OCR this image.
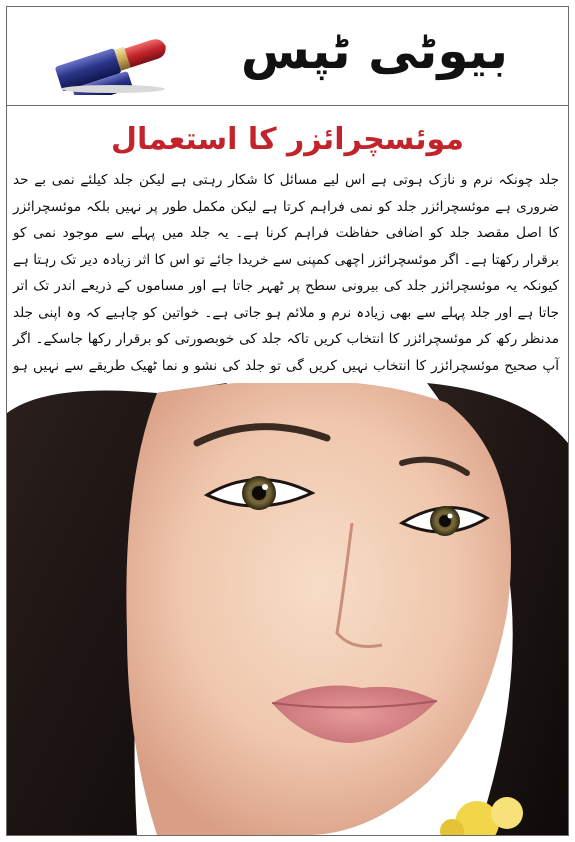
بیوٹی ٹپس
موئسچرائزر کا استعمال

جلد چونکہ نرم و نازک ہوتی ہے اس لیے مسائل کا شکار رہتی ہے لیکن جلد کیلئے نمی بے حد ضروری ہے موئسچرائزر جلد کو نمی فراہم کرتا ہے لیکن مکمل طور پر نہیں بلکہ موئسچرائزر کا اصل مقصد جلد کو اضافی حفاظت فراہم کرنا ہے۔ یہ جلد میں پہلے سے موجود نمی کو برقرار رکھتا ہے۔ اگر موئسچرائزر اچھی کمپنی سے خریدا جائے تو اس کا اثر زیادہ دیر تک رہتا ہے کیونکہ یہ موئسچرائزر جلد کی بیرونی سطح پر ٹھہر جاتا ہے اور مساموں کے ذریعے اندر تک اتر جاتا ہے اور جلد پہلے سے بھی زیادہ نرم و ملائم ہو جاتی ہے۔ خواتین کو چاہیے کہ وہ اپنی جلد مدنظر رکھ کر موئسچرائزر کا انتخاب کریں تاکہ جلد کی خوبصورتی کو برقرار رکھا جاسکے۔ اگر آپ صحیح موئسچرائزر کا انتخاب نہیں کریں گی تو جلد کی نشو و نما ٹھیک طریقے سے نہیں ہو
